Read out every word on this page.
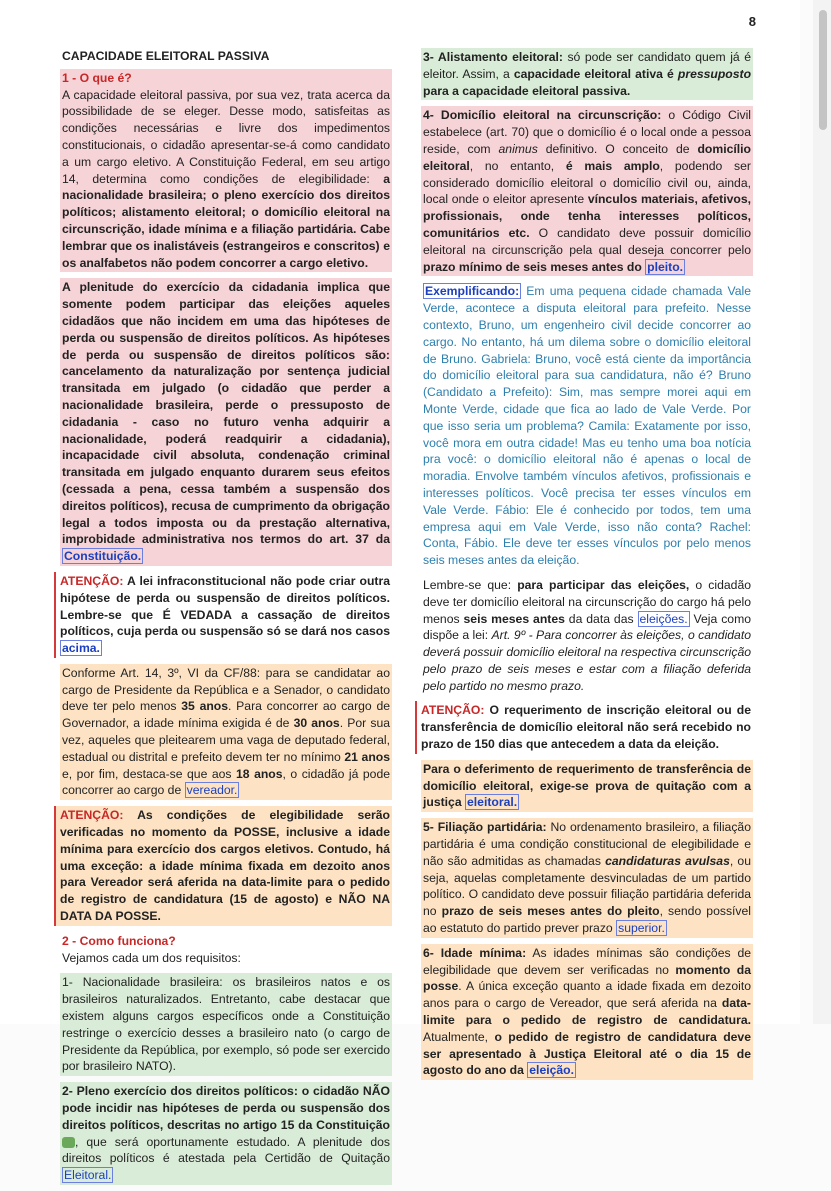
8
CAPACIDADE ELEITORAL PASSIVA
1 - O que é?
A capacidade eleitoral passiva, por sua vez, trata acerca da possibilidade de se eleger. Desse modo, satisfeitas as condições necessárias e livre dos impedimentos constitucionais, o cidadão apresentar-se-á como candidato a um cargo eletivo. A Constituição Federal, em seu artigo 14, determina como condições de elegibilidade: a nacionalidade brasileira; o pleno exercício dos direitos políticos; alistamento eleitoral; o domicílio eleitoral na circunscrição, idade mínima e a filiação partidária. Cabe lembrar que os inalistáveis (estrangeiros e conscritos) e os analfabetos não podem concorrer a cargo eletivo.
A plenitude do exercício da cidadania implica que somente podem participar das eleições aqueles cidadãos que não incidem em uma das hipóteses de perda ou suspensão de direitos políticos. As hipóteses de perda ou suspensão de direitos políticos são: cancelamento da naturalização por sentença judicial transitada em julgado (o cidadão que perder a nacionalidade brasileira, perde o pressuposto de cidadania - caso no futuro venha adquirir a nacionalidade, poderá readquirir a cidadania), incapacidade civil absoluta, condenação criminal transitada em julgado enquanto durarem seus efeitos (cessada a pena, cessa também a suspensão dos direitos políticos), recusa de cumprimento da obrigação legal a todos imposta ou da prestação alternativa, improbidade administrativa nos termos do art. 37 da Constituição.
ATENÇÃO: A lei infraconstitucional não pode criar outra hipótese de perda ou suspensão de direitos políticos. Lembre-se que É VEDADA a cassação de direitos políticos, cuja perda ou suspensão só se dará nos casos acima.
Conforme Art. 14, 3º, VI da CF/88: para se candidatar ao cargo de Presidente da República e a Senador, o candidato deve ter pelo menos 35 anos. Para concorrer ao cargo de Governador, a idade mínima exigida é de 30 anos. Por sua vez, aqueles que pleitearem uma vaga de deputado federal, estadual ou distrital e prefeito devem ter no mínimo 21 anos e, por fim, destaca-se que aos 18 anos, o cidadão já pode concorrer ao cargo de vereador.
ATENÇÃO: As condições de elegibilidade serão verificadas no momento da POSSE, inclusive a idade mínima para exercício dos cargos eletivos. Contudo, há uma exceção: a idade mínima fixada em dezoito anos para Vereador será aferida na data-limite para o pedido de registro de candidatura (15 de agosto) e NÃO NA DATA DA POSSE.
2 - Como funciona?
Vejamos cada um dos requisitos:
1- Nacionalidade brasileira: os brasileiros natos e os brasileiros naturalizados. Entretanto, cabe destacar que existem alguns cargos específicos onde a Constituição restringe o exercício desses a brasileiro nato (o cargo de Presidente da República, por exemplo, só pode ser exercido por brasileiro NATO).
2- Pleno exercício dos direitos políticos: o cidadão NÃO pode incidir nas hipóteses de perda ou suspensão dos direitos políticos, descritas no artigo 15 da Constituição , que será oportunamente estudado. A plenitude dos direitos políticos é atestada pela Certidão de Quitação Eleitoral.
3- Alistamento eleitoral: só pode ser candidato quem já é eleitor. Assim, a capacidade eleitoral ativa é pressuposto para a capacidade eleitoral passiva.
4- Domicílio eleitoral na circunscrição: o Código Civil estabelece (art. 70) que o domicílio é o local onde a pessoa reside, com animus definitivo. O conceito de domicílio eleitoral, no entanto, é mais amplo, podendo ser considerado domicílio eleitoral o domicílio civil ou, ainda, local onde o eleitor apresente vínculos materiais, afetivos, profissionais, onde tenha interesses políticos, comunitários etc. O candidato deve possuir domicílio eleitoral na circunscrição pela qual deseja concorrer pelo prazo mínimo de seis meses antes do pleito.
Exemplificando: Em uma pequena cidade chamada Vale Verde, acontece a disputa eleitoral para prefeito. Nesse contexto, Bruno, um engenheiro civil decide concorrer ao cargo. No entanto, há um dilema sobre o domicílio eleitoral de Bruno. Gabriela: Bruno, você está ciente da importância do domicílio eleitoral para sua candidatura, não é? Bruno (Candidato a Prefeito): Sim, mas sempre morei aqui em Monte Verde, cidade que fica ao lado de Vale Verde. Por que isso seria um problema? Camila: Exatamente por isso, você mora em outra cidade! Mas eu tenho uma boa notícia pra você: o domicílio eleitoral não é apenas o local de moradia. Envolve também vínculos afetivos, profissionais e interesses políticos. Você precisa ter esses vínculos em Vale Verde. Fábio: Ele é conhecido por todos, tem uma empresa aqui em Vale Verde, isso não conta? Rachel: Conta, Fábio. Ele deve ter esses vínculos por pelo menos seis meses antes da eleição.
Lembre-se que: para participar das eleições, o cidadão deve ter domicílio eleitoral na circunscrição do cargo há pelo menos seis meses antes da data das eleições. Veja como dispõe a lei: Art. 9º - Para concorrer às eleições, o candidato deverá possuir domicílio eleitoral na respectiva circunscrição pelo prazo de seis meses e estar com a filiação deferida pelo partido no mesmo prazo.
ATENÇÃO: O requerimento de inscrição eleitoral ou de transferência de domicílio eleitoral não será recebido no prazo de 150 dias que antecedem a data da eleição.
Para o deferimento de requerimento de transferência de domicílio eleitoral, exige-se prova de quitação com a justiça eleitoral.
5- Filiação partidária: No ordenamento brasileiro, a filiação partidária é uma condição constitucional de elegibilidade e não são admitidas as chamadas candidaturas avulsas, ou seja, aquelas completamente desvinculadas de um partido político. O candidato deve possuir filiação partidária deferida no prazo de seis meses antes do pleito, sendo possível ao estatuto do partido prever prazo superior.
6- Idade mínima: As idades mínimas são condições de elegibilidade que devem ser verificadas no momento da posse. A única exceção quanto a idade fixada em dezoito anos para o cargo de Vereador, que será aferida na data-limite para o pedido de registro de candidatura. Atualmente, o pedido de registro de candidatura deve ser apresentado à Justiça Eleitoral até o dia 15 de agosto do ano da eleição.
